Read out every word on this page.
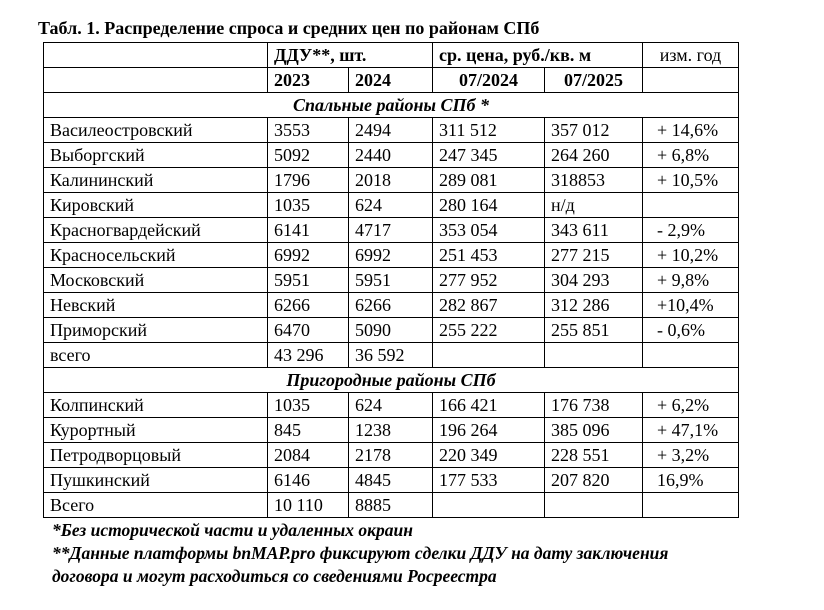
Табл. 1. Распределение спроса и средних цен по районам СПб
	ДДУ**, шт.		ср. цена, руб./кв. м		изм. год
	2023	2024	07/2024	07/2025	
Спальные районы СПб *					
Василеостровский	3553	2494	311 512	357 012	+ 14,6%
Выборгский	5092	2440	247 345	264 260	+ 6,8%
Калининский	1796	2018	289 081	318853	+ 10,5%
Кировский	1035	624	280 164	н/д	
Красногвардейский	6141	4717	353 054	343 611	- 2,9%
Красносельский	6992	6992	251 453	277 215	+ 10,2%
Московский	5951	5951	277 952	304 293	+ 9,8%
Невский	6266	6266	282 867	312 286	+10,4%
Приморский	6470	5090	255 222	255 851	- 0,6%
всего	43 296	36 592			
Пригородные районы СПб					
Колпинский	1035	624	166 421	176 738	+ 6,2%
Курортный	845	1238	196 264	385 096	+ 47,1%
Петродворцовый	2084	2178	220 349	228 551	+ 3,2%
Пушкинский	6146	4845	177 533	207 820	16,9%
Всего	10 110	8885			
*Без исторической части и удаленных окраин
**Данные платформы bnMAP.pro фиксируют сделки ДДУ на дату заключения
договора и могут расходиться со сведениями Росреестра
